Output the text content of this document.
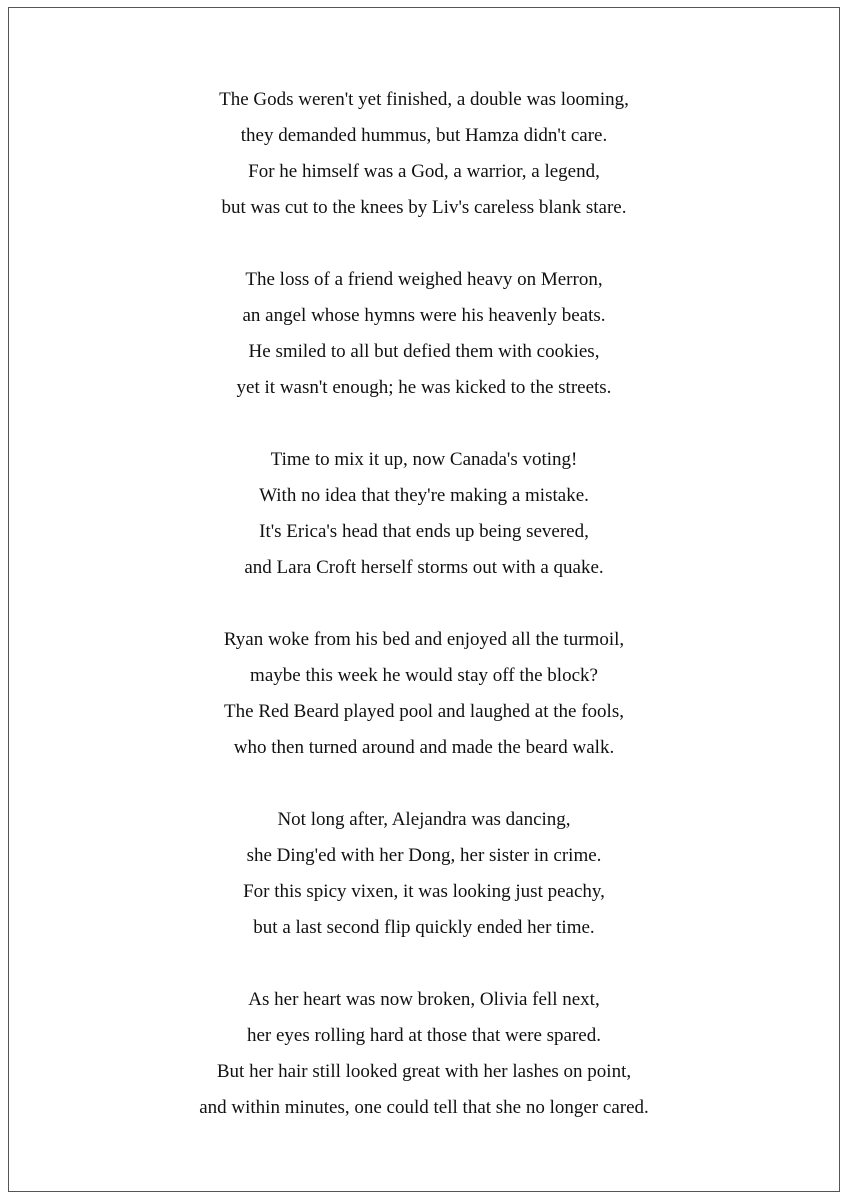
The Gods weren't yet finished, a double was looming,
they demanded hummus, but Hamza didn't care.
For he himself was a God, a warrior, a legend,
but was cut to the knees by Liv's careless blank stare.
The loss of a friend weighed heavy on Merron,
an angel whose hymns were his heavenly beats.
He smiled to all but defied them with cookies,
yet it wasn't enough; he was kicked to the streets.
Time to mix it up, now Canada's voting!
With no idea that they're making a mistake.
It's Erica's head that ends up being severed,
and Lara Croft herself storms out with a quake.
Ryan woke from his bed and enjoyed all the turmoil,
maybe this week he would stay off the block?
The Red Beard played pool and laughed at the fools,
who then turned around and made the beard walk.
Not long after, Alejandra was dancing,
she Ding'ed with her Dong, her sister in crime.
For this spicy vixen, it was looking just peachy,
but a last second flip quickly ended her time.
As her heart was now broken, Olivia fell next,
her eyes rolling hard at those that were spared.
But her hair still looked great with her lashes on point,
and within minutes, one could tell that she no longer cared.
